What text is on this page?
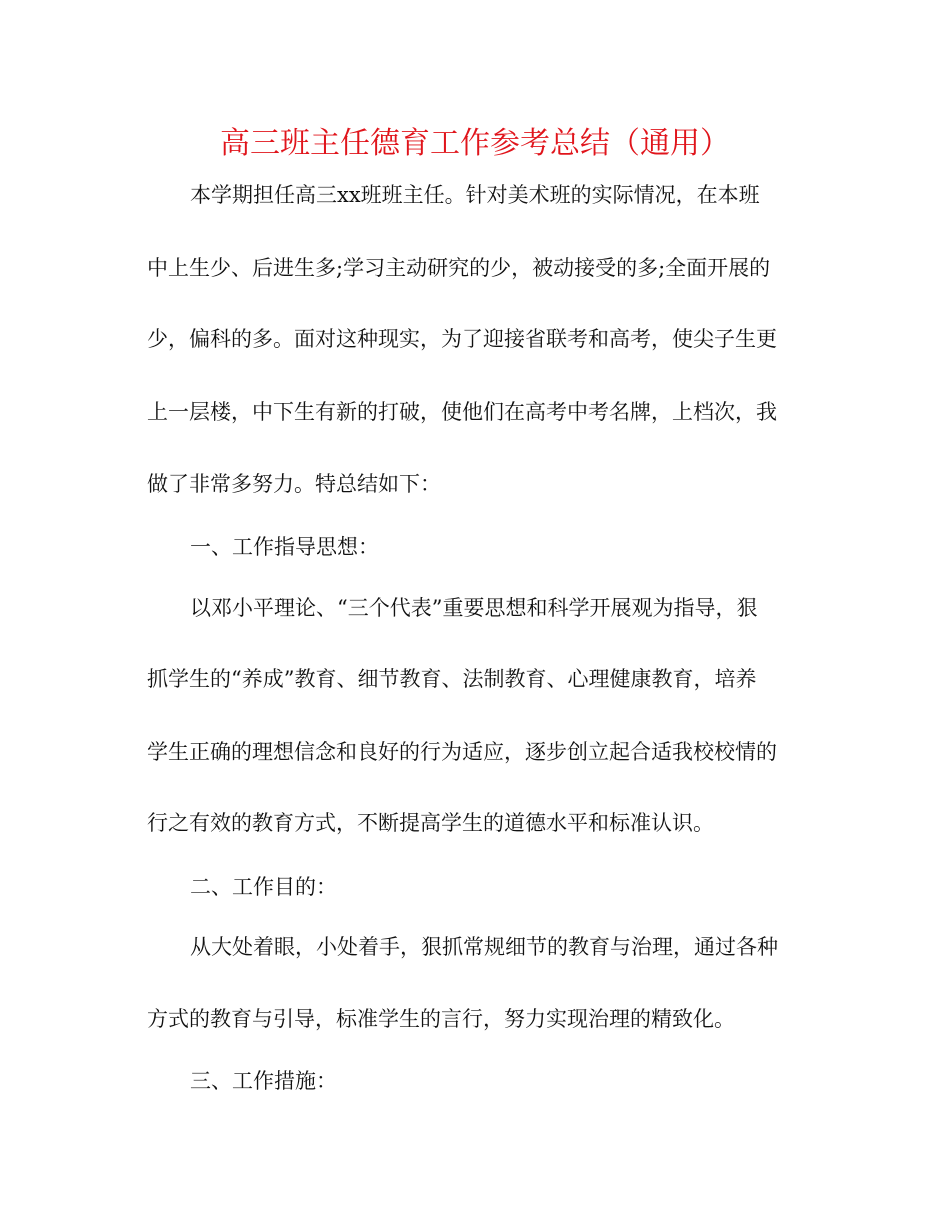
高三班主任德育工作参考总结（通用）
本学期担任高三xx班班主任。针对美术班的实际情况，在本班
中上生少、后进生多;学习主动研究的少，被动接受的多;全面开展的
少，偏科的多。面对这种现实，为了迎接省联考和高考，使尖子生更
上一层楼，中下生有新的打破，使他们在高考中考名牌，上档次，我
做了非常多努力。特总结如下：
一、工作指导思想：
以邓小平理论、“三个代表”重要思想和科学开展观为指导，狠
抓学生的“养成”教育、细节教育、法制教育、心理健康教育，培养
学生正确的理想信念和良好的行为适应，逐步创立起合适我校校情的
行之有效的教育方式，不断提高学生的道德水平和标准认识。
二、工作目的：
从大处着眼，小处着手，狠抓常规细节的教育与治理，通过各种
方式的教育与引导，标准学生的言行，努力实现治理的精致化。
三、工作措施：
